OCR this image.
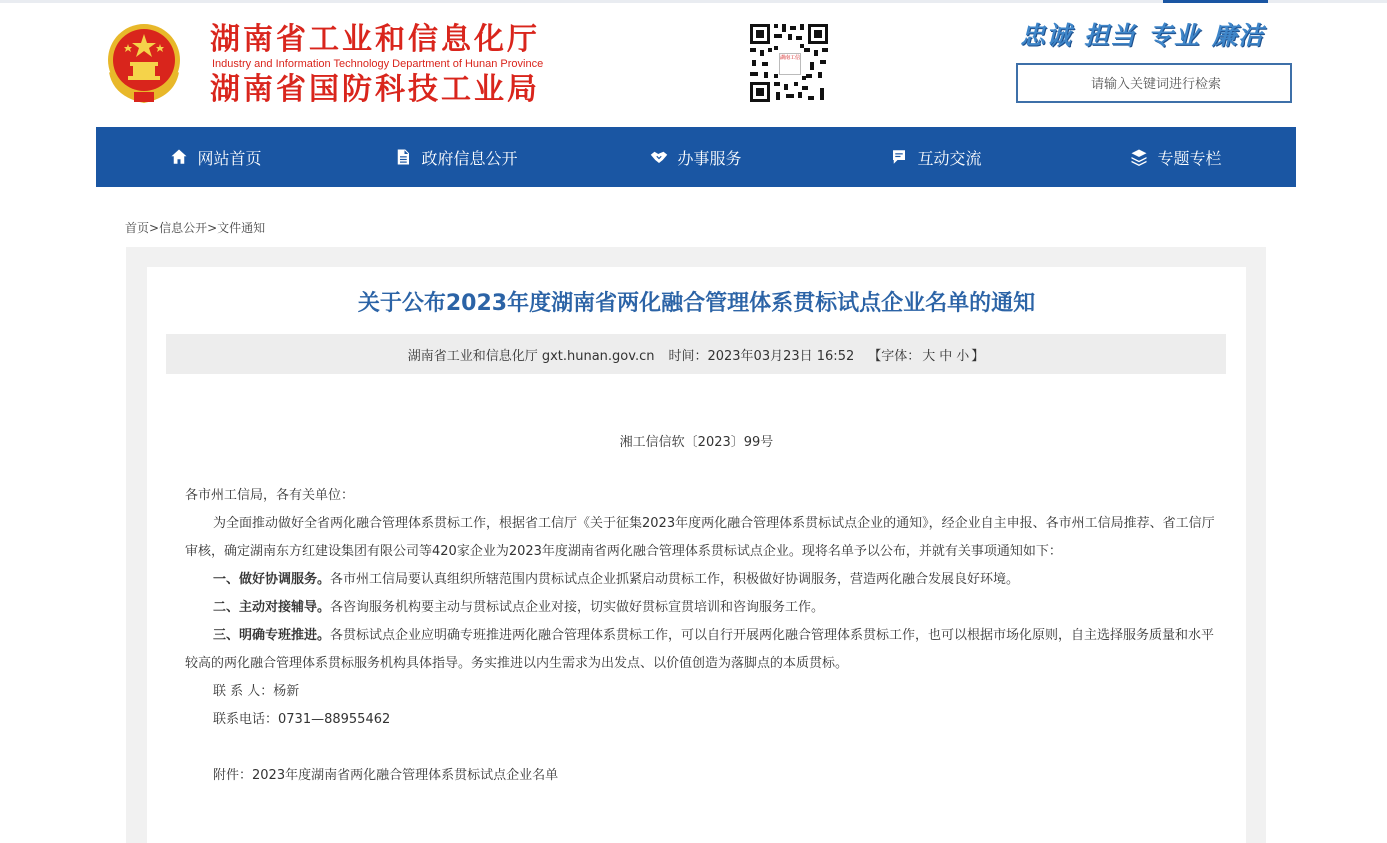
湖南省工业和信息化厅
Industry and Information Technology Department of Hunan Province
湖南省国防科技工业局
湖南工信
忠诚 担当 专业 廉洁
请输入关键词进行检索
网站首页	政府信息公开	办事服务	互动交流	专题专栏
首页>信息公开>文件通知
关于公布2023年度湖南省两化融合管理体系贯标试点企业名单的通知
湖南省工业和信息化厅 gxt.hunan.gov.cn 时间：2023年03月23日 16:52 【字体： 大 中 小 】
湘工信信软〔2023〕99号

各市州工信局，各有关单位：

为全面推动做好全省两化融合管理体系贯标工作，根据省工信厅《关于征集2023年度两化融合管理体系贯标试点企业的通知》，经企业自主申报、各市州工信局推荐、省工信厅审核，确定湖南东方红建设集团有限公司等420家企业为2023年度湖南省两化融合管理体系贯标试点企业。现将名单予以公布，并就有关事项通知如下：

一、做好协调服务。各市州工信局要认真组织所辖范围内贯标试点企业抓紧启动贯标工作，积极做好协调服务，营造两化融合发展良好环境。

二、主动对接辅导。各咨询服务机构要主动与贯标试点企业对接，切实做好贯标宣贯培训和咨询服务工作。

三、明确专班推进。各贯标试点企业应明确专班推进两化融合管理体系贯标工作，可以自行开展两化融合管理体系贯标工作，也可以根据市场化原则，自主选择服务质量和水平较高的两化融合管理体系贯标服务机构具体指导。务实推进以内生需求为出发点、以价值创造为落脚点的本质贯标。

联 系 人：杨新

联系电话：0731—88955462

附件：2023年度湖南省两化融合管理体系贯标试点企业名单
